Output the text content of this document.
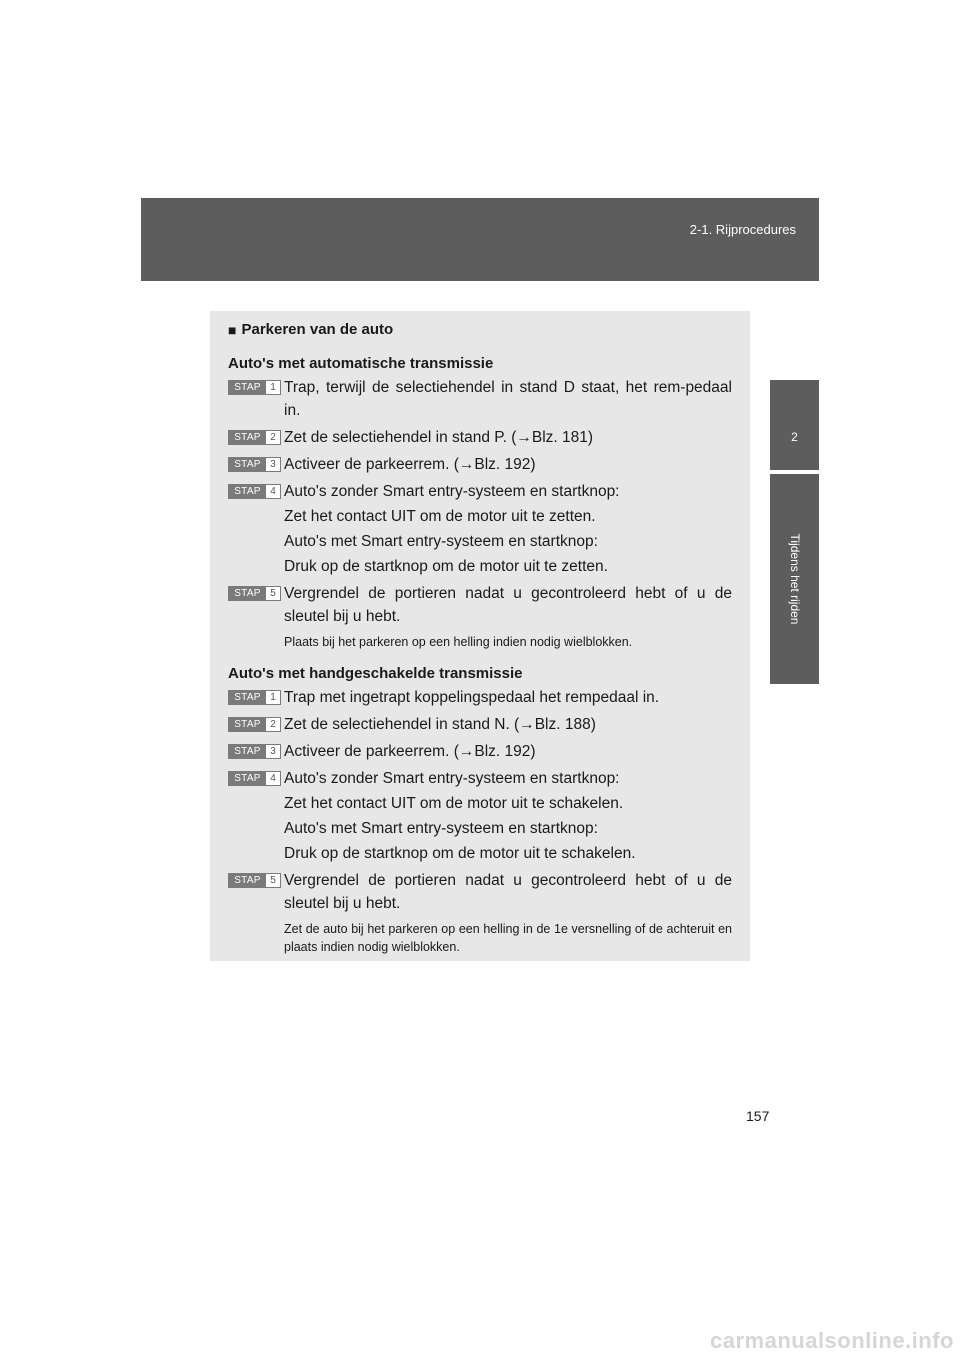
2-1. Rijprocedures
2
Tijdens het rijden
■ Parkeren van de auto
Auto's met automatische transmissie
STAP 1 Trap, terwijl de selectiehendel in stand D staat, het rem-pedaal in.

STAP 2 Zet de selectiehendel in stand P. (→Blz. 181)

STAP 3 Activeer de parkeerrem. (→Blz. 192)

STAP 4 Auto's zonder Smart entry-systeem en startknop:

Zet het contact UIT om de motor uit te zetten.

Auto's met Smart entry-systeem en startknop:

Druk op de startknop om de motor uit te zetten.

STAP 5 Vergrendel de portieren nadat u gecontroleerd hebt of u de sleutel bij u hebt.

Plaats bij het parkeren op een helling indien nodig wielblokken.
Auto's met handgeschakelde transmissie
STAP 1 Trap met ingetrapt koppelingspedaal het rempedaal in.

STAP 2 Zet de selectiehendel in stand N. (→Blz. 188)

STAP 3 Activeer de parkeerrem. (→Blz. 192)

STAP 4 Auto's zonder Smart entry-systeem en startknop:

Zet het contact UIT om de motor uit te schakelen.

Auto's met Smart entry-systeem en startknop:

Druk op de startknop om de motor uit te schakelen.

STAP 5 Vergrendel de portieren nadat u gecontroleerd hebt of u de sleutel bij u hebt.

Zet de auto bij het parkeren op een helling in de 1e versnelling of de achteruit en plaats indien nodig wielblokken.
157
carmanualsonline.info
